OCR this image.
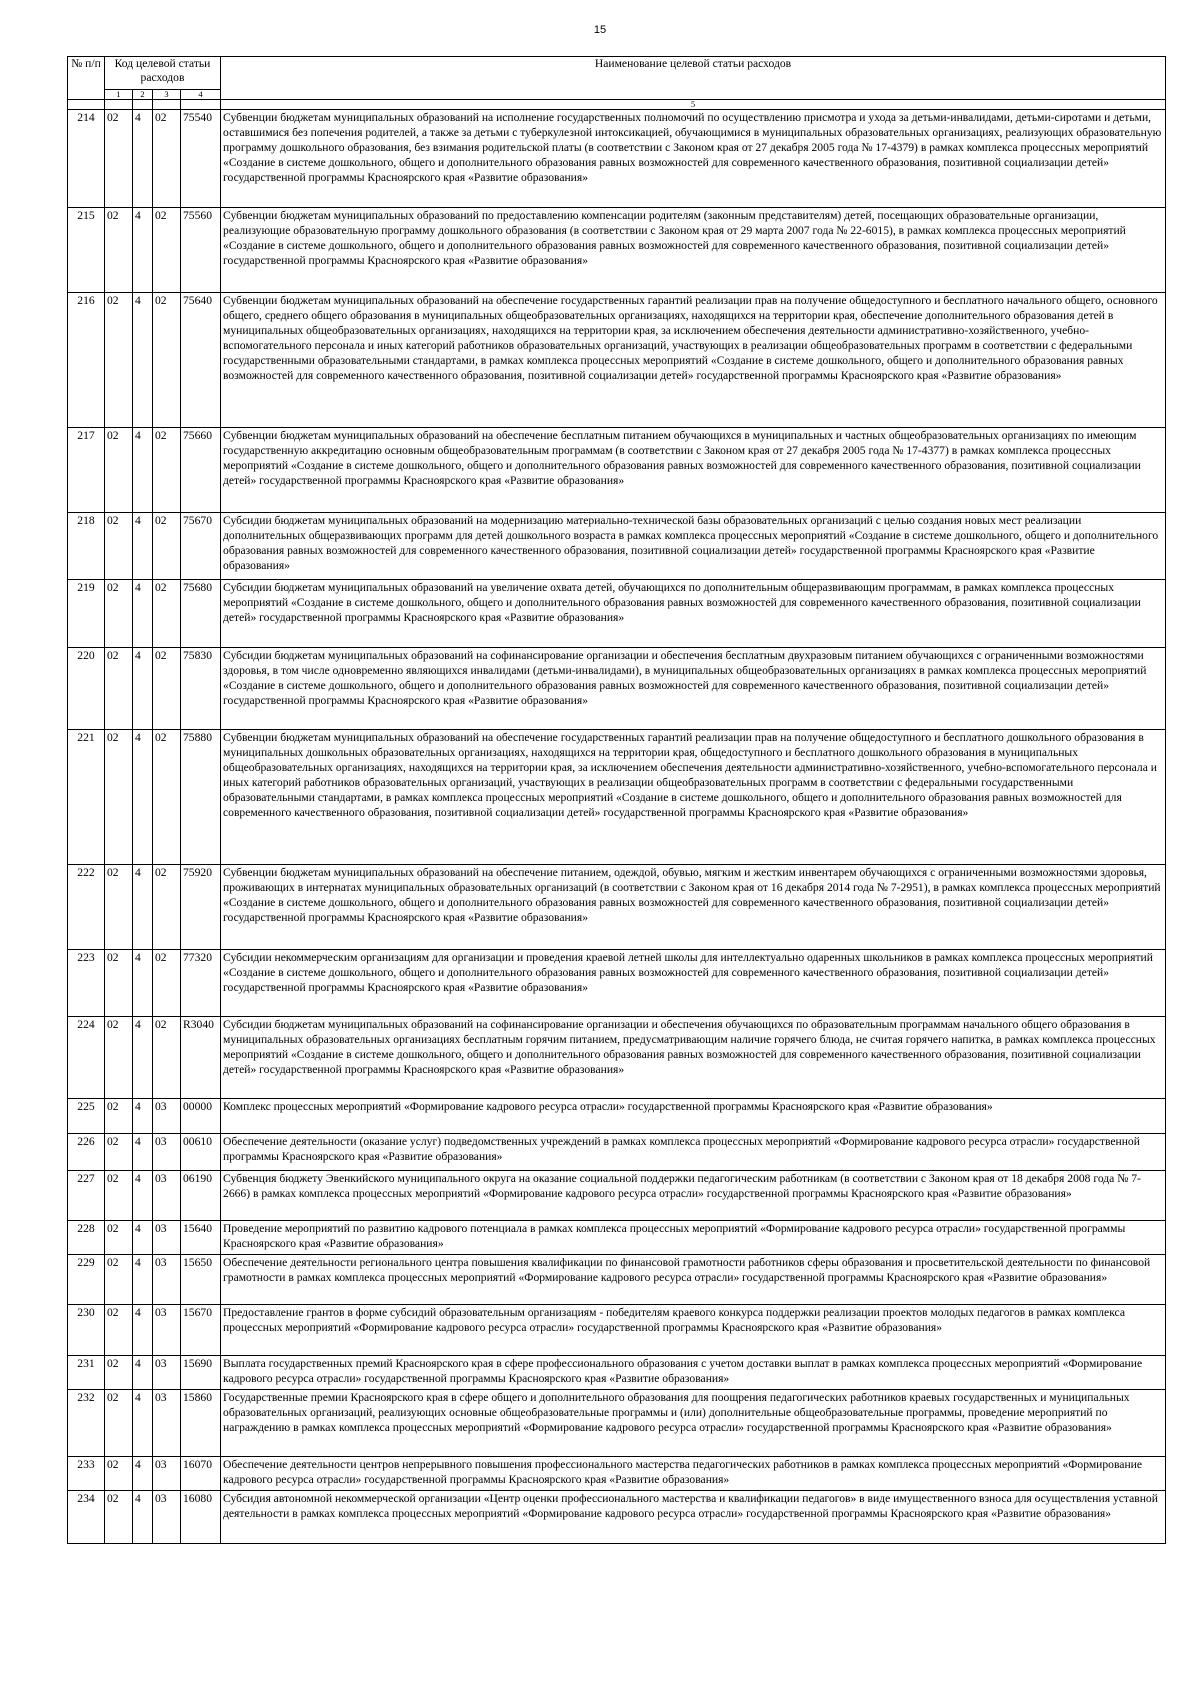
15
№ п/п	Код целевой статьи расходов				Наименование целевой статьи расходов
	1	2	3	4	
					5
214	02	4	02	75540	Субвенции бюджетам муниципальных образований на исполнение государственных полномочий по осуществлению присмотра и ухода за детьми-инвалидами, детьми-сиротами и детьми, оставшимися без попечения родителей, а также за детьми с туберкулезной интоксикацией, обучающимися в муниципальных образовательных организациях, реализующих образовательную программу дошкольного образования, без взимания родительской платы (в соответствии с Законом края от 27 декабря 2005 года № 17-4379) в рамках комплекса процессных мероприятий «Создание в системе дошкольного, общего и дополнительного образования равных возможностей для современного качественного образования, позитивной социализации детей» государственной программы Красноярского края «Развитие образования»
215	02	4	02	75560	Субвенции бюджетам муниципальных образований по предоставлению компенсации родителям (законным представителям) детей, посещающих образовательные организации, реализующие образовательную программу дошкольного образования (в соответствии с Законом края от 29 марта 2007 года № 22-6015), в рамках комплекса процессных мероприятий «Создание в системе дошкольного, общего и дополнительного образования равных возможностей для современного качественного образования, позитивной социализации детей» государственной программы Красноярского края «Развитие образования»
216	02	4	02	75640	Субвенции бюджетам муниципальных образований на обеспечение государственных гарантий реализации прав на получение общедоступного и бесплатного начального общего, основного общего, среднего общего образования в муниципальных общеобразовательных организациях, находящихся на территории края, обеспечение дополнительного образования детей в муниципальных общеобразовательных организациях, находящихся на территории края, за исключением обеспечения деятельности административно-хозяйственного, учебно-вспомогательного персонала и иных категорий работников образовательных организаций, участвующих в реализации общеобразовательных программ в соответствии с федеральными государственными образовательными стандартами, в рамках комплекса процессных мероприятий «Создание в системе дошкольного, общего и дополнительного образования равных возможностей для современного качественного образования, позитивной социализации детей» государственной программы Красноярского края «Развитие образования»
217	02	4	02	75660	Субвенции бюджетам муниципальных образований на обеспечение бесплатным питанием обучающихся в муниципальных и частных общеобразовательных организациях по имеющим государственную аккредитацию основным общеобразовательным программам (в соответствии с Законом края от 27 декабря 2005 года № 17-4377) в рамках комплекса процессных мероприятий «Создание в системе дошкольного, общего и дополнительного образования равных возможностей для современного качественного образования, позитивной социализации детей» государственной программы Красноярского края «Развитие образования»
218	02	4	02	75670	Субсидии бюджетам муниципальных образований на модернизацию материально-технической базы образовательных организаций с целью создания новых мест реализации дополнительных общеразвивающих программ для детей дошкольного возраста в рамках комплекса процессных мероприятий «Создание в системе дошкольного, общего и дополнительного образования равных возможностей для современного качественного образования, позитивной социализации детей» государственной программы Красноярского края «Развитие образования»
219	02	4	02	75680	Субсидии бюджетам муниципальных образований на увеличение охвата детей, обучающихся по дополнительным общеразвивающим программам, в рамках комплекса процессных мероприятий «Создание в системе дошкольного, общего и дополнительного образования равных возможностей для современного качественного образования, позитивной социализации детей» государственной программы Красноярского края «Развитие образования»
220	02	4	02	75830	Субсидии бюджетам муниципальных образований на софинансирование организации и обеспечения бесплатным двухразовым питанием обучающихся с ограниченными возможностями здоровья, в том числе одновременно являющихся инвалидами (детьми-инвалидами), в муниципальных общеобразовательных организациях в рамках комплекса процессных мероприятий «Создание в системе дошкольного, общего и дополнительного образования равных возможностей для современного качественного образования, позитивной социализации детей» государственной программы Красноярского края «Развитие образования»
221	02	4	02	75880	Субвенции бюджетам муниципальных образований на обеспечение государственных гарантий реализации прав на получение общедоступного и бесплатного дошкольного образования в муниципальных дошкольных образовательных организациях, находящихся на территории края, общедоступного и бесплатного дошкольного образования в муниципальных общеобразовательных организациях, находящихся на территории края, за исключением обеспечения деятельности административно-хозяйственного, учебно-вспомогательного персонала и иных категорий работников образовательных организаций, участвующих в реализации общеобразовательных программ в соответствии с федеральными государственными образовательными стандартами, в рамках комплекса процессных мероприятий «Создание в системе дошкольного, общего и дополнительного образования равных возможностей для современного качественного образования, позитивной социализации детей» государственной программы Красноярского края «Развитие образования»
222	02	4	02	75920	Субвенции бюджетам муниципальных образований на обеспечение питанием, одеждой, обувью, мягким и жестким инвентарем обучающихся с ограниченными возможностями здоровья, проживающих в интернатах муниципальных образовательных организаций (в соответствии с Законом края от 16 декабря 2014 года № 7-2951), в рамках комплекса процессных мероприятий «Создание в системе дошкольного, общего и дополнительного образования равных возможностей для современного качественного образования, позитивной социализации детей» государственной программы Красноярского края «Развитие образования»
223	02	4	02	77320	Субсидии некоммерческим организациям для организации и проведения краевой летней школы для интеллектуально одаренных школьников в рамках комплекса процессных мероприятий «Создание в системе дошкольного, общего и дополнительного образования равных возможностей для современного качественного образования, позитивной социализации детей» государственной программы Красноярского края «Развитие образования»
224	02	4	02	R3040	Субсидии бюджетам муниципальных образований на софинансирование организации и обеспечения обучающихся по образовательным программам начального общего образования в муниципальных образовательных организациях бесплатным горячим питанием, предусматривающим наличие горячего блюда, не считая горячего напитка, в рамках комплекса процессных мероприятий «Создание в системе дошкольного, общего и дополнительного образования равных возможностей для современного качественного образования, позитивной социализации детей» государственной программы Красноярского края «Развитие образования»
225	02	4	03	00000	Комплекс процессных мероприятий «Формирование кадрового ресурса отрасли» государственной программы Красноярского края «Развитие образования»
226	02	4	03	00610	Обеспечение деятельности (оказание услуг) подведомственных учреждений в рамках комплекса процессных мероприятий «Формирование кадрового ресурса отрасли» государственной программы Красноярского края «Развитие образования»
227	02	4	03	06190	Субвенция бюджету Эвенкийского муниципального округа на оказание социальной поддержки педагогическим работникам (в соответствии с Законом края от 18 декабря 2008 года № 7-2666) в рамках комплекса процессных мероприятий «Формирование кадрового ресурса отрасли» государственной программы Красноярского края «Развитие образования»
228	02	4	03	15640	Проведение мероприятий по развитию кадрового потенциала в рамках комплекса процессных мероприятий «Формирование кадрового ресурса отрасли» государственной программы Красноярского края «Развитие образования»
229	02	4	03	15650	Обеспечение деятельности регионального центра повышения квалификации по финансовой грамотности работников сферы образования и просветительской деятельности по финансовой грамотности в рамках комплекса процессных мероприятий «Формирование кадрового ресурса отрасли» государственной программы Красноярского края «Развитие образования»
230	02	4	03	15670	Предоставление грантов в форме субсидий образовательным организациям - победителям краевого конкурса поддержки реализации проектов молодых педагогов в рамках комплекса процессных мероприятий «Формирование кадрового ресурса отрасли» государственной программы Красноярского края «Развитие образования»
231	02	4	03	15690	Выплата государственных премий Красноярского края в сфере профессионального образования с учетом доставки выплат в рамках комплекса процессных мероприятий «Формирование кадрового ресурса отрасли» государственной программы Красноярского края «Развитие образования»
232	02	4	03	15860	Государственные премии Красноярского края в сфере общего и дополнительного образования для поощрения педагогических работников краевых государственных и муниципальных образовательных организаций, реализующих основные общеобразовательные программы и (или) дополнительные общеобразовательные программы, проведение мероприятий по награждению в рамках комплекса процессных мероприятий «Формирование кадрового ресурса отрасли» государственной программы Красноярского края «Развитие образования»
233	02	4	03	16070	Обеспечение деятельности центров непрерывного повышения профессионального мастерства педагогических работников в рамках комплекса процессных мероприятий «Формирование кадрового ресурса отрасли» государственной программы Красноярского края «Развитие образования»
234	02	4	03	16080	Субсидия автономной некоммерческой организации «Центр оценки профессионального мастерства и квалификации педагогов» в виде имущественного взноса для осуществления уставной деятельности в рамках комплекса процессных мероприятий «Формирование кадрового ресурса отрасли» государственной программы Красноярского края «Развитие образования»
